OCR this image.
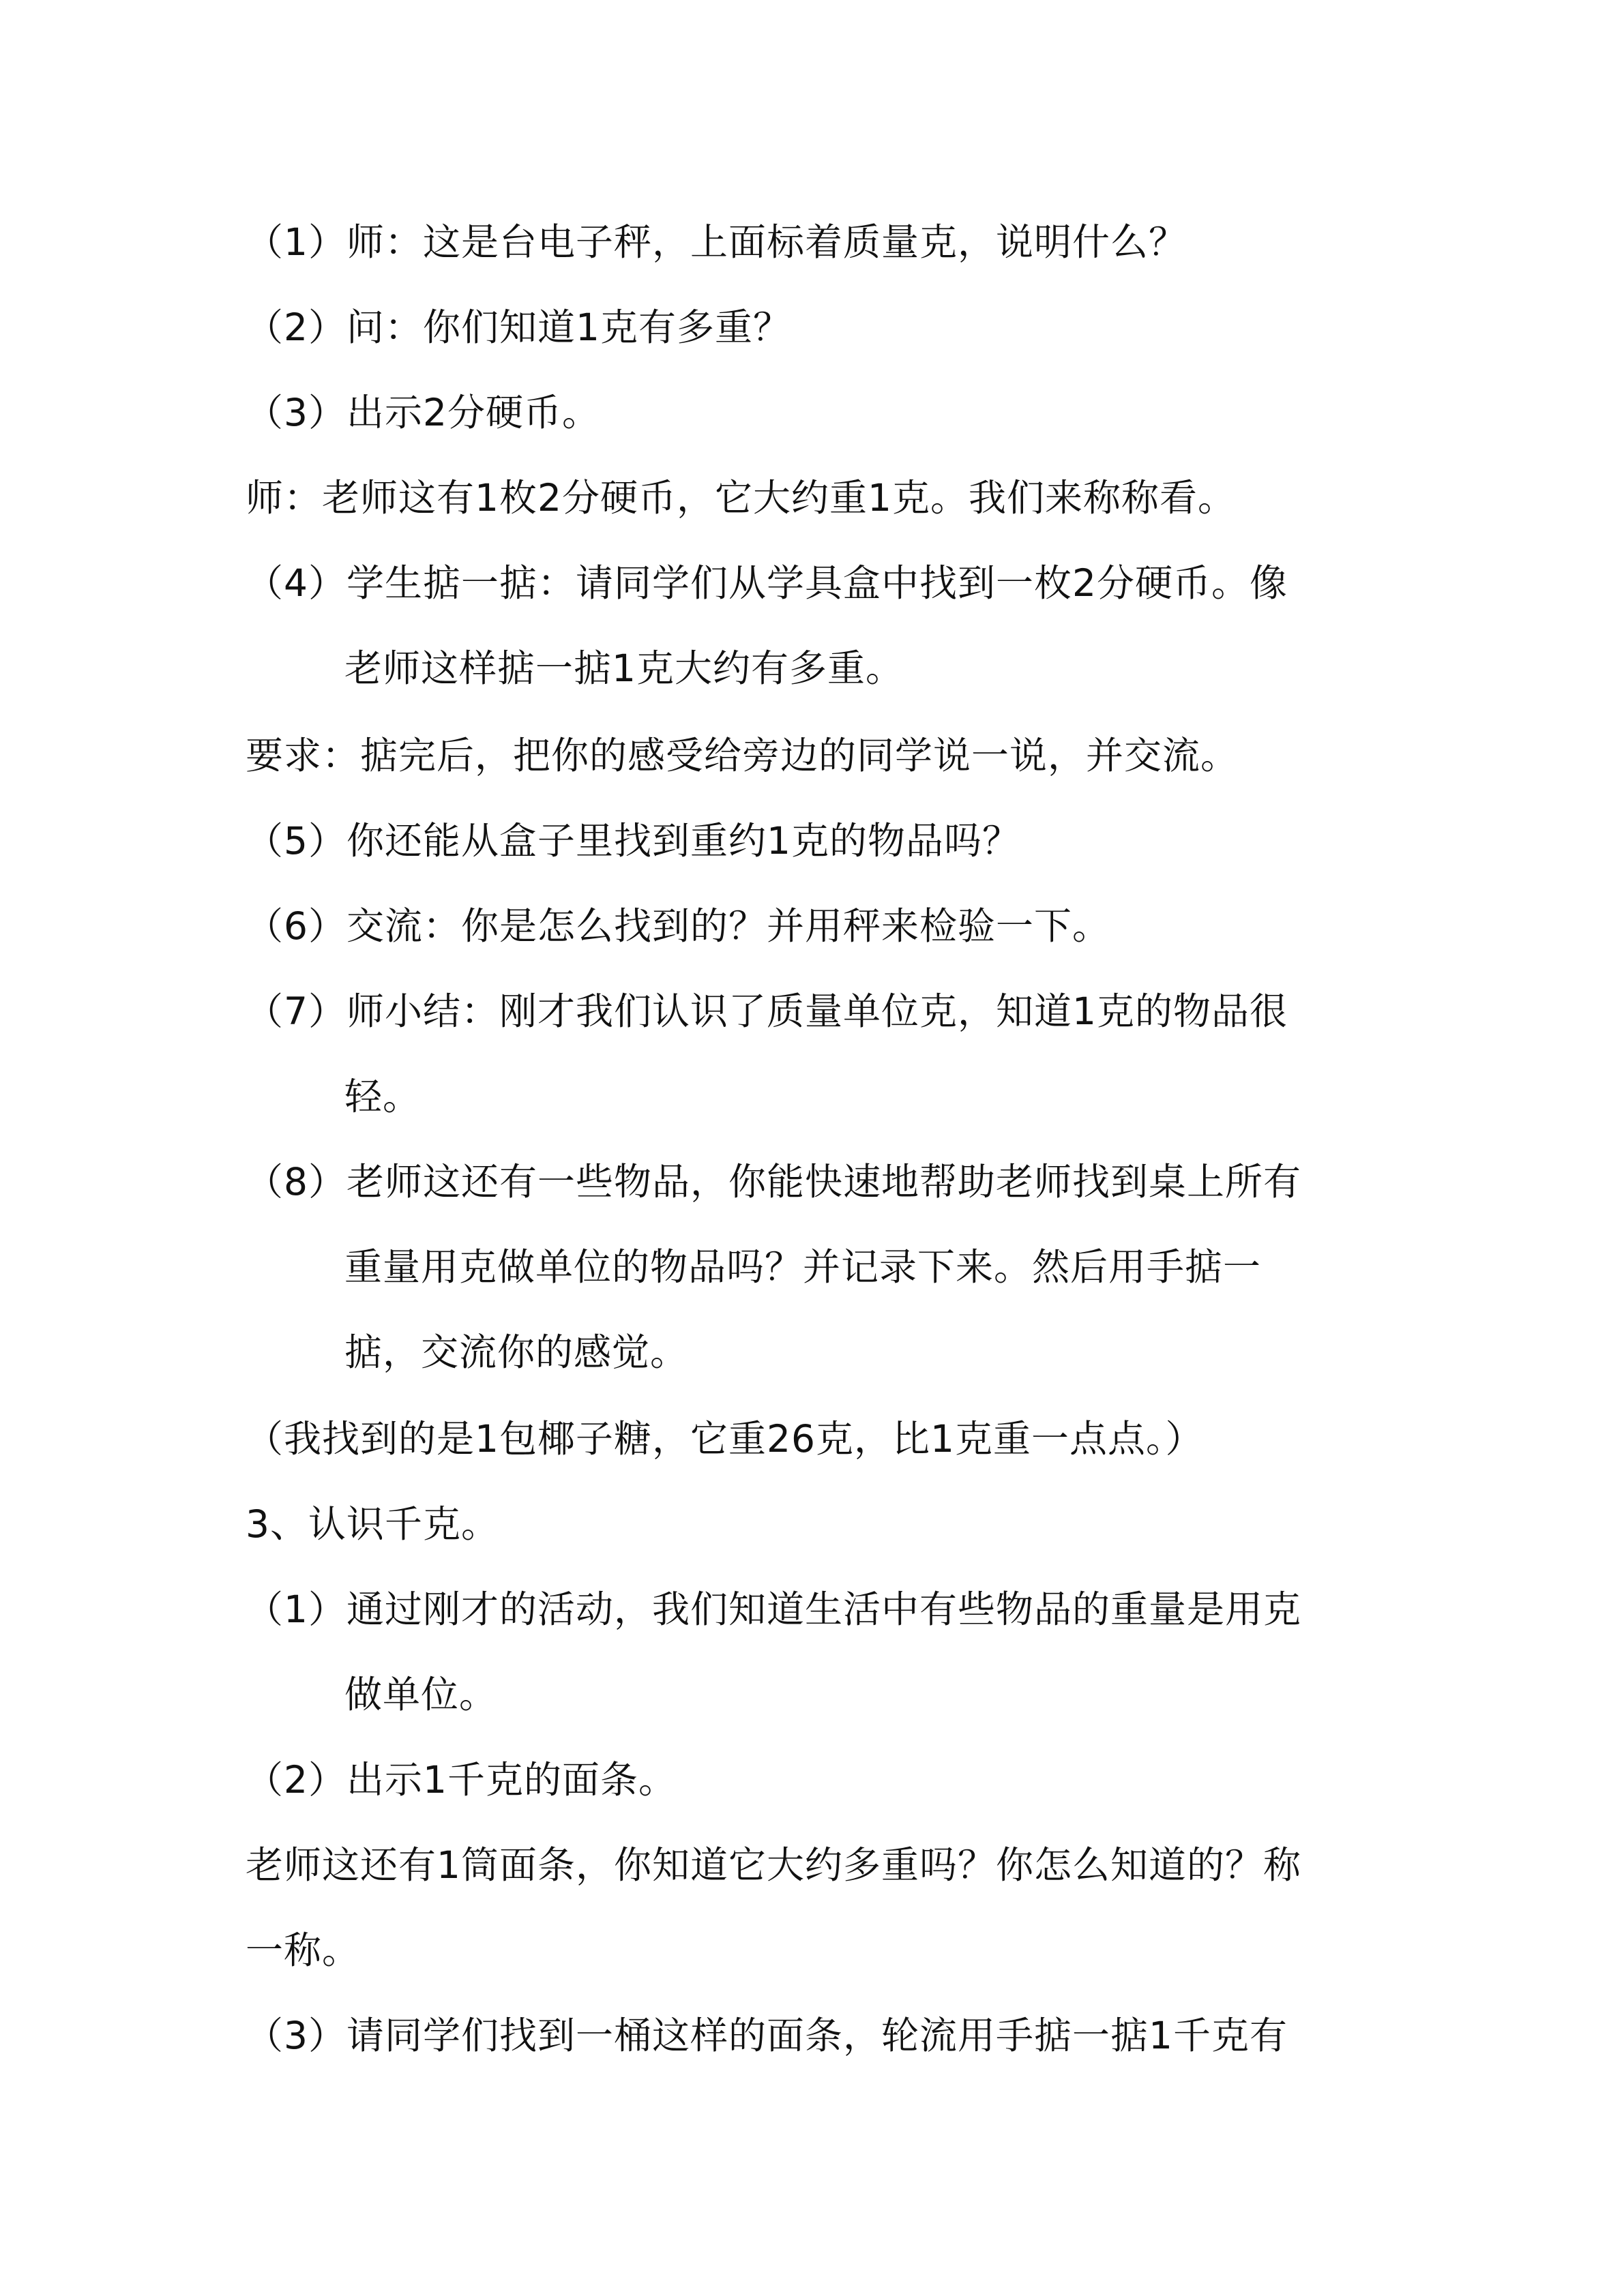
（1）师：这是台电子秤，上面标着质量克，说明什么？
（2）问：你们知道1克有多重？
（3）出示2分硬币。
师：老师这有1枚2分硬币，它大约重1克。我们来称称看。
（4）学生掂一掂：请同学们从学具盒中找到一枚2分硬币。像
老师这样掂一掂1克大约有多重。
要求：掂完后，把你的感受给旁边的同学说一说，并交流。
（5）你还能从盒子里找到重约1克的物品吗？
（6）交流：你是怎么找到的？并用秤来检验一下。
（7）师小结：刚才我们认识了质量单位克，知道1克的物品很
轻。
（8）老师这还有一些物品，你能快速地帮助老师找到桌上所有
重量用克做单位的物品吗？并记录下来。然后用手掂一
掂，交流你的感觉。
（我找到的是1包椰子糖，它重26克，比1克重一点点。）
3、认识千克。
（1）通过刚才的活动，我们知道生活中有些物品的重量是用克
做单位。
（2）出示1千克的面条。
老师这还有1筒面条，你知道它大约多重吗？你怎么知道的？称
一称。
（3）请同学们找到一桶这样的面条，轮流用手掂一掂1千克有
